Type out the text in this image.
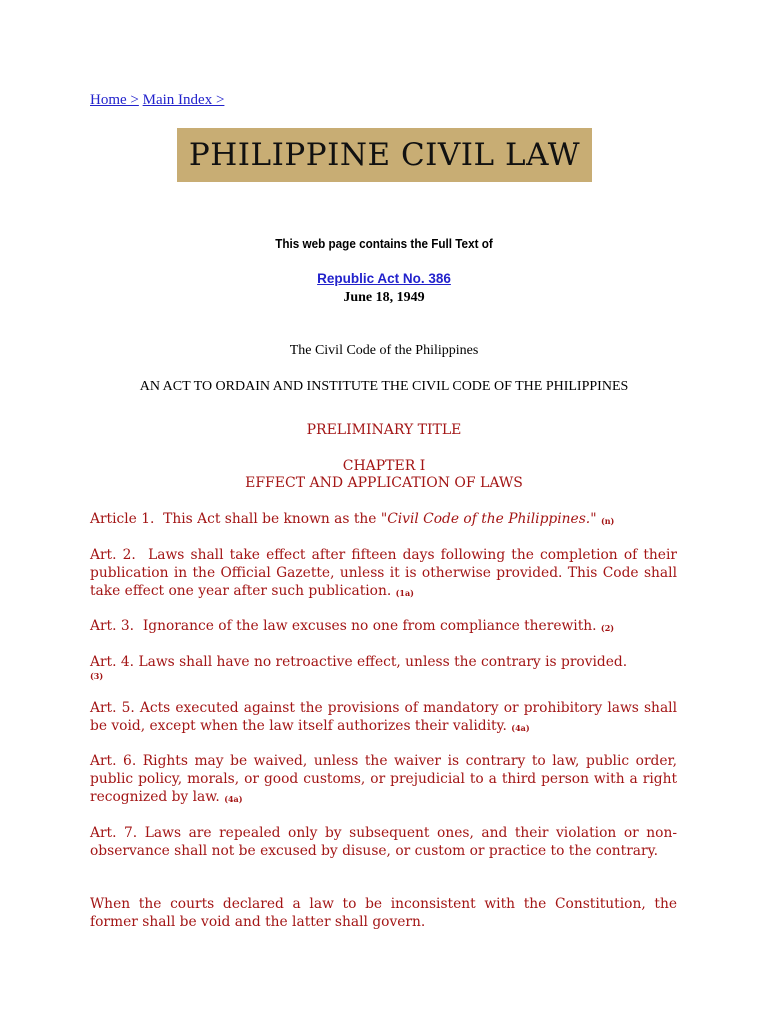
Home > Main Index >
PHILIPPINE CIVIL LAW
This web page contains the Full Text of
Republic Act No. 386
June 18, 1949
The Civil Code of the Philippines
AN ACT TO ORDAIN AND INSTITUTE THE CIVIL CODE OF THE PHILIPPINES
PRELIMINARY TITLE
CHAPTER I
EFFECT AND APPLICATION OF LAWS
Article 1. This Act shall be known as the "Civil Code of the Philippines." (n)
Art. 2. Laws shall take effect after fifteen days following the completion of their publication in the Official Gazette, unless it is otherwise provided. This Code shall take effect one year after such publication. (1a)
Art. 3. Ignorance of the law excuses no one from compliance therewith. (2)
Art. 4. Laws shall have no retroactive effect, unless the contrary is provided.
(3)
Art. 5. Acts executed against the provisions of mandatory or prohibitory laws shall be void, except when the law itself authorizes their validity. (4a)
Art. 6. Rights may be waived, unless the waiver is contrary to law, public order, public policy, morals, or good customs, or prejudicial to a third person with a right recognized by law. (4a)
Art. 7. Laws are repealed only by subsequent ones, and their violation or non-observance shall not be excused by disuse, or custom or practice to the contrary.
When the courts declared a law to be inconsistent with the Constitution, the former shall be void and the latter shall govern.
